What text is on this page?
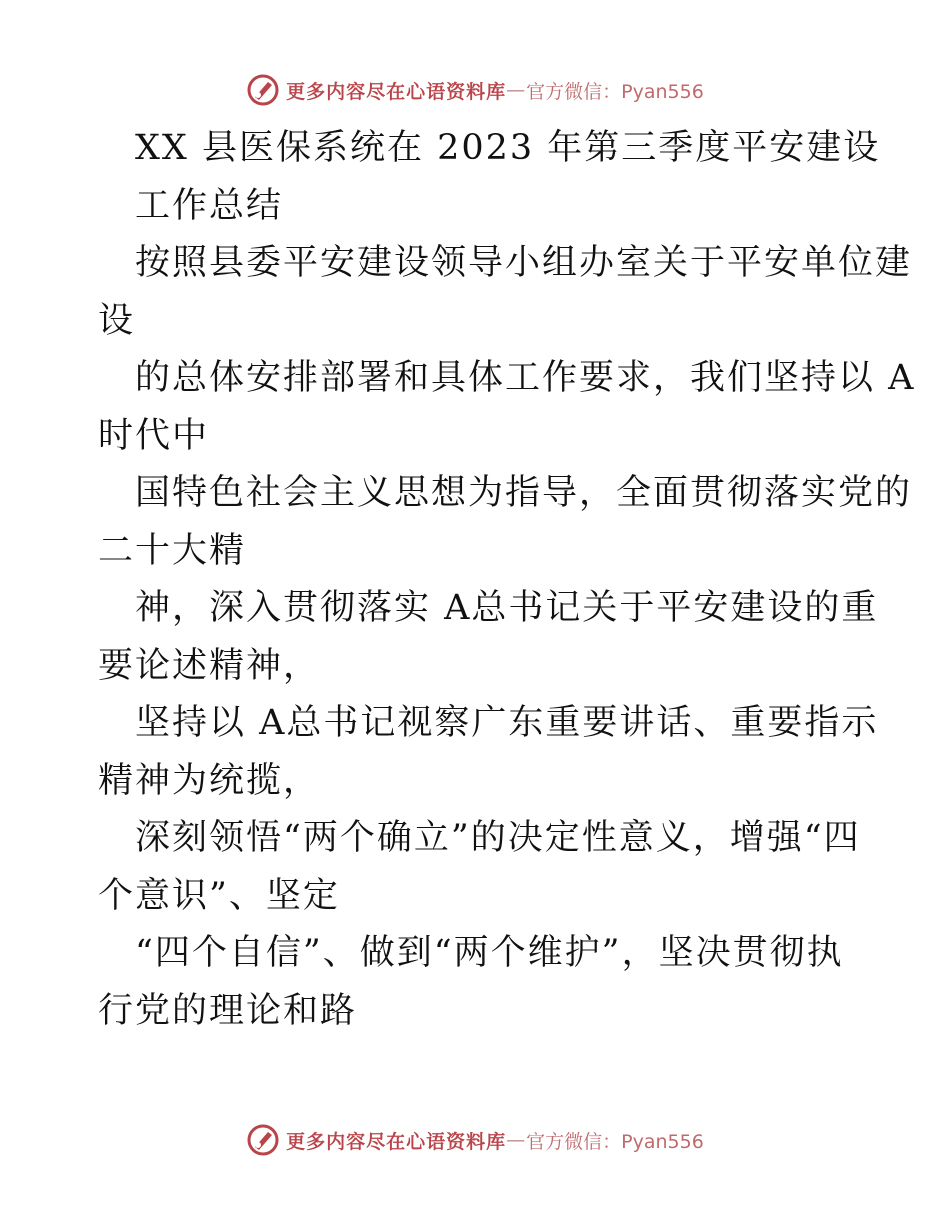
更多内容尽在心语资料库 — 官方微信：Pyan556
XX 县医保系统在 2023 年第三季度平安建设
工作总结
按照县委平安建设领导小组办室关于平安单位建
设
的总体安排部署和具体工作要求，我们坚持以 A
时代中
国特色社会主义思想为指导，全面贯彻落实党的
二十大精
神，深入贯彻落实 A总书记关于平安建设的重
要论述精神，
坚持以 A总书记视察广东重要讲话、重要指示
精神为统揽，
深刻领悟“两个确立”的决定性意义，增强“四
个意识”、坚定
“四个自信”、做到“两个维护”，坚决贯彻执
行党的理论和路
更多内容尽在心语资料库 — 官方微信：Pyan556
